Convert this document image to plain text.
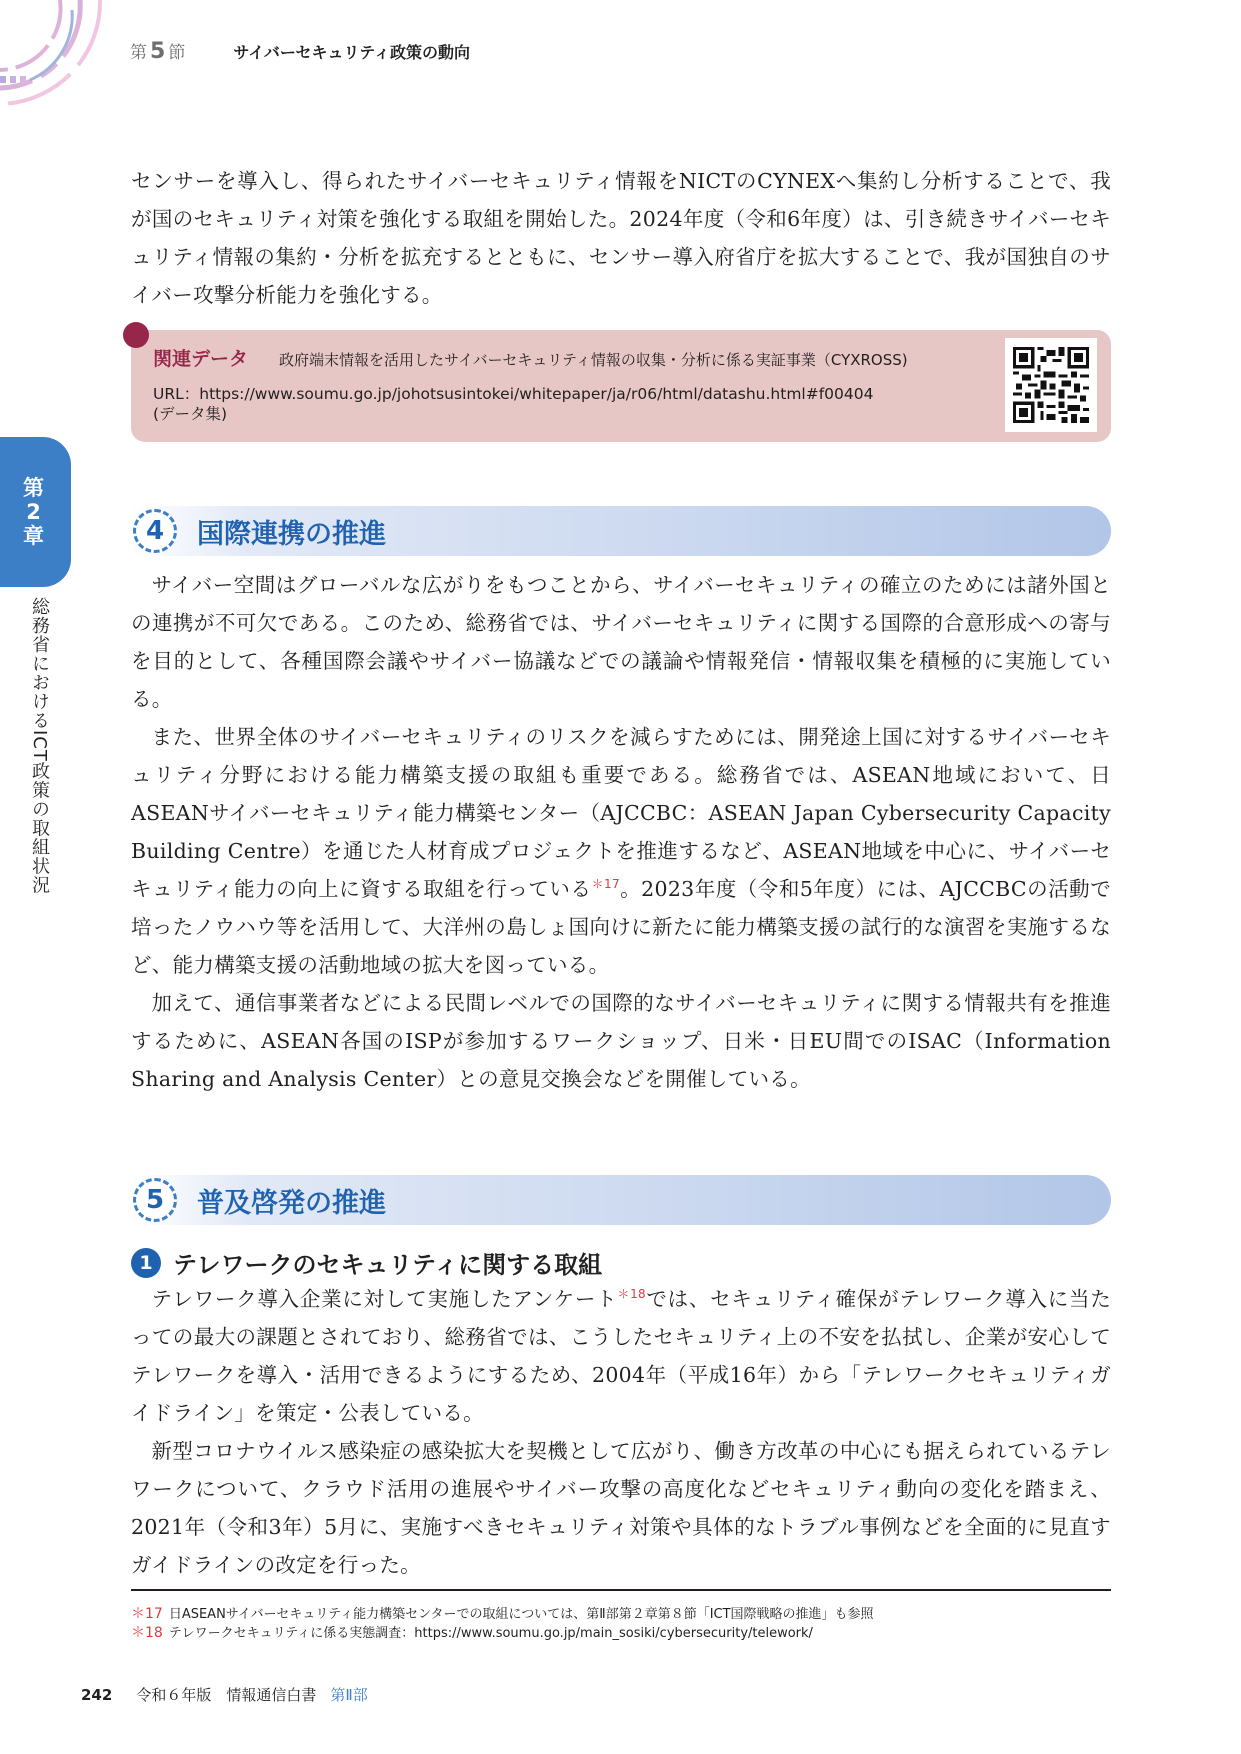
第 5 節	サイバーセキュリティ政策の動向
第
2
章
総務省におけるICT政策の取組状況

センサーを導入し、得られたサイバーセキュリティ情報をNICTのCYNEXへ集約し分析することで、我が国のセキュリティ対策を強化する取組を開始した。2024年度（令和6年度）は、引き続きサイバーセキュリティ情報の集約・分析を拡充するとともに、センサー導入府省庁を拡大することで、我が国独自のサイバー攻撃分析能力を強化する。

関連データ 政府端末情報を活用したサイバーセキュリティ情報の収集・分析に係る実証事業（CYXROSS)
URL：https://www.soumu.go.jp/johotsusintokei/whitepaper/ja/r06/html/datashu.html#f00404
(データ集)
4	国際連携の推進

サイバー空間はグローバルな広がりをもつことから、サイバーセキュリティの確立のためには諸外国との連携が不可欠である。このため、総務省では、サイバーセキュリティに関する国際的合意形成への寄与を目的として、各種国際会議やサイバー協議などでの議論や情報発信・情報収集を積極的に実施している。

また、世界全体のサイバーセキュリティのリスクを減らすためには、開発途上国に対するサイバーセキュリティ分野における能力構築支援の取組も重要である。総務省では、ASEAN地域において、日ASEANサイバーセキュリティ能力構築センター（AJCCBC：ASEAN Japan Cybersecurity Capacity Building Centre）を通じた人材育成プロジェクトを推進するなど、ASEAN地域を中心に、サイバーセキュリティ能力の向上に資する取組を行っている$^{*17}$。2023年度（令和5年度）には、AJCCBCの活動で培ったノウハウ等を活用して、大洋州の島しょ国向けに新たに能力構築支援の試行的な演習を実施するなど、能力構築支援の活動地域の拡大を図っている。

加えて、通信事業者などによる民間レベルでの国際的なサイバーセキュリティに関する情報共有を推進するために、ASEAN各国のISPが参加するワークショップ、日米・日EU間でのISAC（Information Sharing and Analysis Center）との意見交換会などを開催している。

5	普及啓発の推進
1 テレワークのセキュリティに関する取組

テレワーク導入企業に対して実施したアンケート$^{*18}$では、セキュリティ確保がテレワーク導入に当たっての最大の課題とされており、総務省では、こうしたセキュリティ上の不安を払拭し、企業が安心してテレワークを導入・活用できるようにするため、2004年（平成16年）から「テレワークセキュリティガイドライン」を策定・公表している。

新型コロナウイルス感染症の感染拡大を契機として広がり、働き方改革の中心にも据えられているテレワークについて、クラウド活用の進展やサイバー攻撃の高度化などセキュリティ動向の変化を踏まえ、2021年（令和3年）5月に、実施すべきセキュリティ対策や具体的なトラブル事例などを全面的に見直すガイドラインの改定を行った。

＊17 日ASEANサイバーセキュリティ能力構築センターでの取組については、第Ⅱ部第２章第８節「ICT国際戦略の推進」も参照
＊18 テレワークセキュリティに係る実態調査：https://www.soumu.go.jp/main_sosiki/cybersecurity/telework/
242 令和６年版　情報通信白書 第Ⅱ部
